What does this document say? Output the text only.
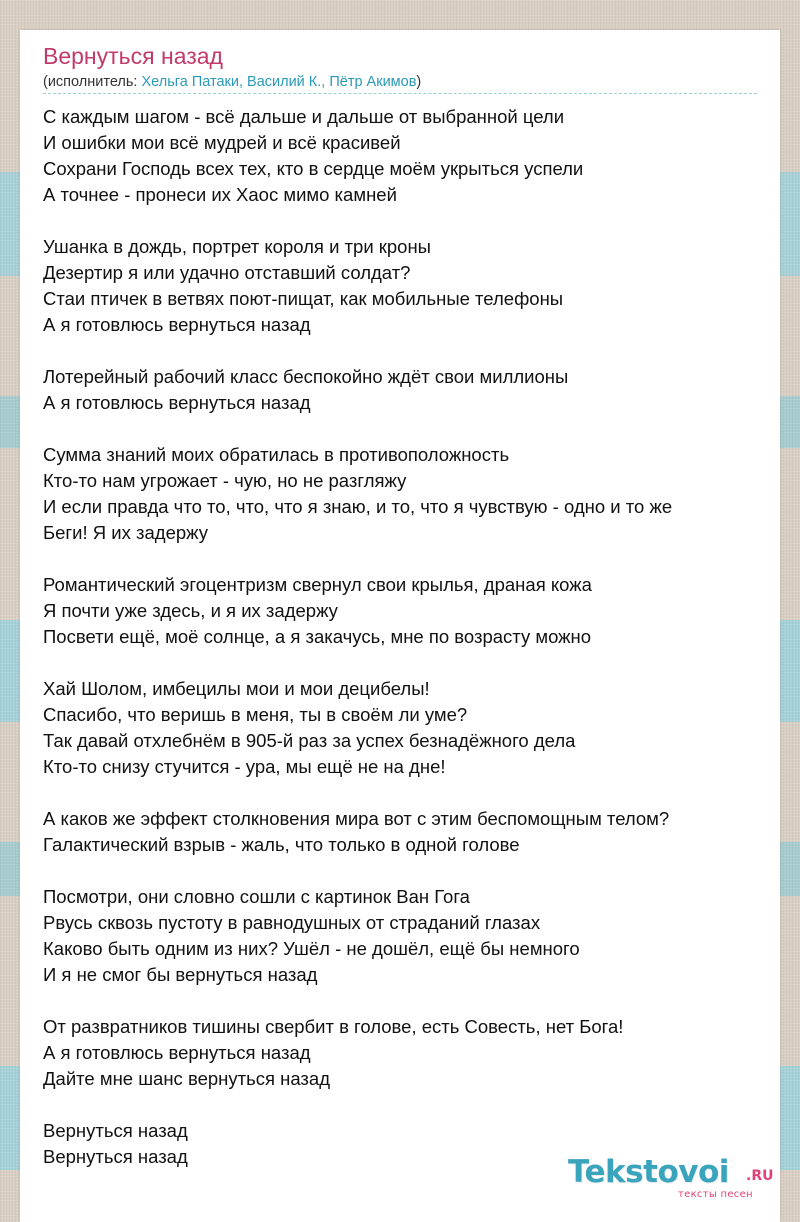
Вернуться назад
(исполнитель: Хельга Патаки, Василий К., Пётр Акимов)
С каждым шагом - всё дальше и дальше от выбранной цели
И ошибки мои всё мудрей и всё красивей
Сохрани Господь всех тех, кто в сердце моём укрыться успели
А точнее - пронеси их Хаос мимо камней
Ушанка в дождь, портрет короля и три кроны
Дезертир я или удачно отставший солдат?
Стаи птичек в ветвях поют-пищат, как мобильные телефоны
А я готовлюсь вернуться назад
Лотерейный рабочий класс беспокойно ждёт свои миллионы
А я готовлюсь вернуться назад
Сумма знаний моих обратилась в противоположность
Кто-то нам угрожает - чую, но не разгляжу
И если правда что то, что, что я знаю, и то, что я чувствую - одно и то же
Беги! Я их задержу
Романтический эгоцентризм свернул свои крылья, драная кожа
Я почти уже здесь, и я их задержу
Посвети ещё, моё солнце, а я закачусь, мне по возрасту можно
Хай Шолом, имбецилы мои и мои децибелы!
Спасибо, что веришь в меня, ты в своём ли уме?
Так давай отхлебнём в 905-й раз за успех безнадёжного дела
Кто-то снизу стучится - ура, мы ещё не на дне!
А каков же эффект столкновения мира вот с этим беспомощным телом?
Галактический взрыв - жаль, что только в одной голове
Посмотри, они словно сошли с картинок Ван Гога
Рвусь сквозь пустоту в равнодушных от страданий глазах
Каково быть одним из них? Ушёл - не дошёл, ещё бы немного
И я не смог бы вернуться назад
От развратников тишины свербит в голове, есть Совесть, нет Бога!
А я готовлюсь вернуться назад
Дайте мне шанс вернуться назад
Вернуться назад
Вернуться назад	Tekstovoi .RU
тексты песен
